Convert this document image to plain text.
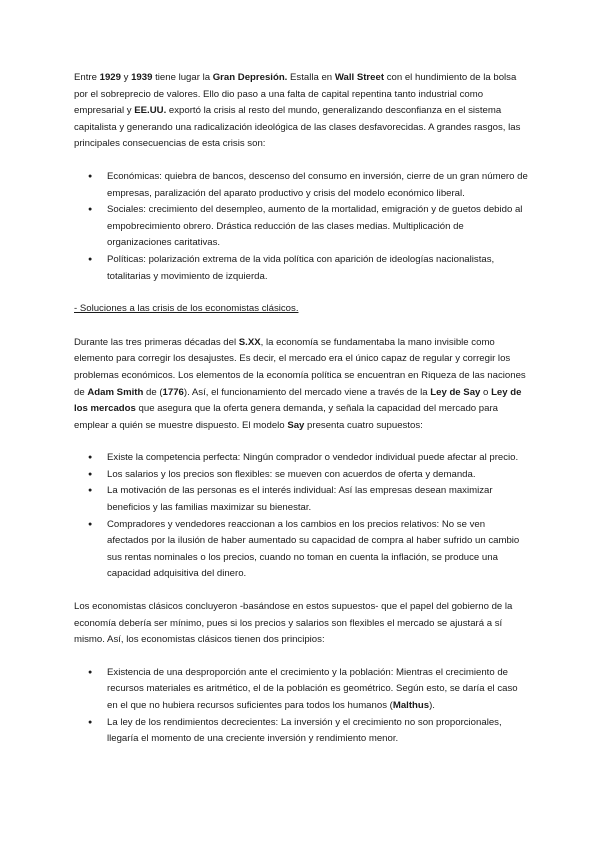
Entre 1929 y 1939 tiene lugar la Gran Depresión. Estalla en Wall Street con el hundimiento de la bolsa por el sobreprecio de valores. Ello dio paso a una falta de capital repentina tanto industrial como empresarial y EE.UU. exportó la crisis al resto del mundo, generalizando desconfianza en el sistema capitalista y generando una radicalización ideológica de las clases desfavorecidas. A grandes rasgos, las principales consecuencias de esta crisis son:

● Económicas: quiebra de bancos, descenso del consumo en inversión, cierre de un gran número de empresas, paralización del aparato productivo y crisis del modelo económico liberal.
● Sociales: crecimiento del desempleo, aumento de la mortalidad, emigración y de guetos debido al empobrecimiento obrero. Drástica reducción de las clases medias. Multiplicación de organizaciones caritativas.
● Políticas: polarización extrema de la vida política con aparición de ideologías nacionalistas, totalitarias y movimiento de izquierda.

- Soluciones a las crisis de los economistas clásicos.

Durante las tres primeras décadas del S.XX, la economía se fundamentaba la mano invisible como elemento para corregir los desajustes. Es decir, el mercado era el único capaz de regular y corregir los problemas económicos. Los elementos de la economía política se encuentran en Riqueza de las naciones de Adam Smith de (1776). Así, el funcionamiento del mercado viene a través de la Ley de Say o Ley de los mercados que asegura que la oferta genera demanda, y señala la capacidad del mercado para emplear a quién se muestre dispuesto. El modelo Say presenta cuatro supuestos:

● Existe la competencia perfecta: Ningún comprador o vendedor individual puede afectar al precio.
● Los salarios y los precios son flexibles: se mueven con acuerdos de oferta y demanda.
● La motivación de las personas es el interés individual: Así las empresas desean maximizar beneficios y las familias maximizar su bienestar.
● Compradores y vendedores reaccionan a los cambios en los precios relativos: No se ven afectados por la ilusión de haber aumentado su capacidad de compra al haber sufrido un cambio sus rentas nominales o los precios, cuando no toman en cuenta la inflación, se produce una capacidad adquisitiva del dinero.

Los economistas clásicos concluyeron -basándose en estos supuestos- que el papel del gobierno de la economía debería ser mínimo, pues si los precios y salarios son flexibles el mercado se ajustará a sí mismo. Así, los economistas clásicos tienen dos principios:

● Existencia de una desproporción ante el crecimiento y la población: Mientras el crecimiento de recursos materiales es aritmético, el de la población es geométrico. Según esto, se daría el caso en el que no hubiera recursos suficientes para todos los humanos (Malthus).
● La ley de los rendimientos decrecientes: La inversión y el crecimiento no son proporcionales, llegaría el momento de una creciente inversión y rendimiento menor.
